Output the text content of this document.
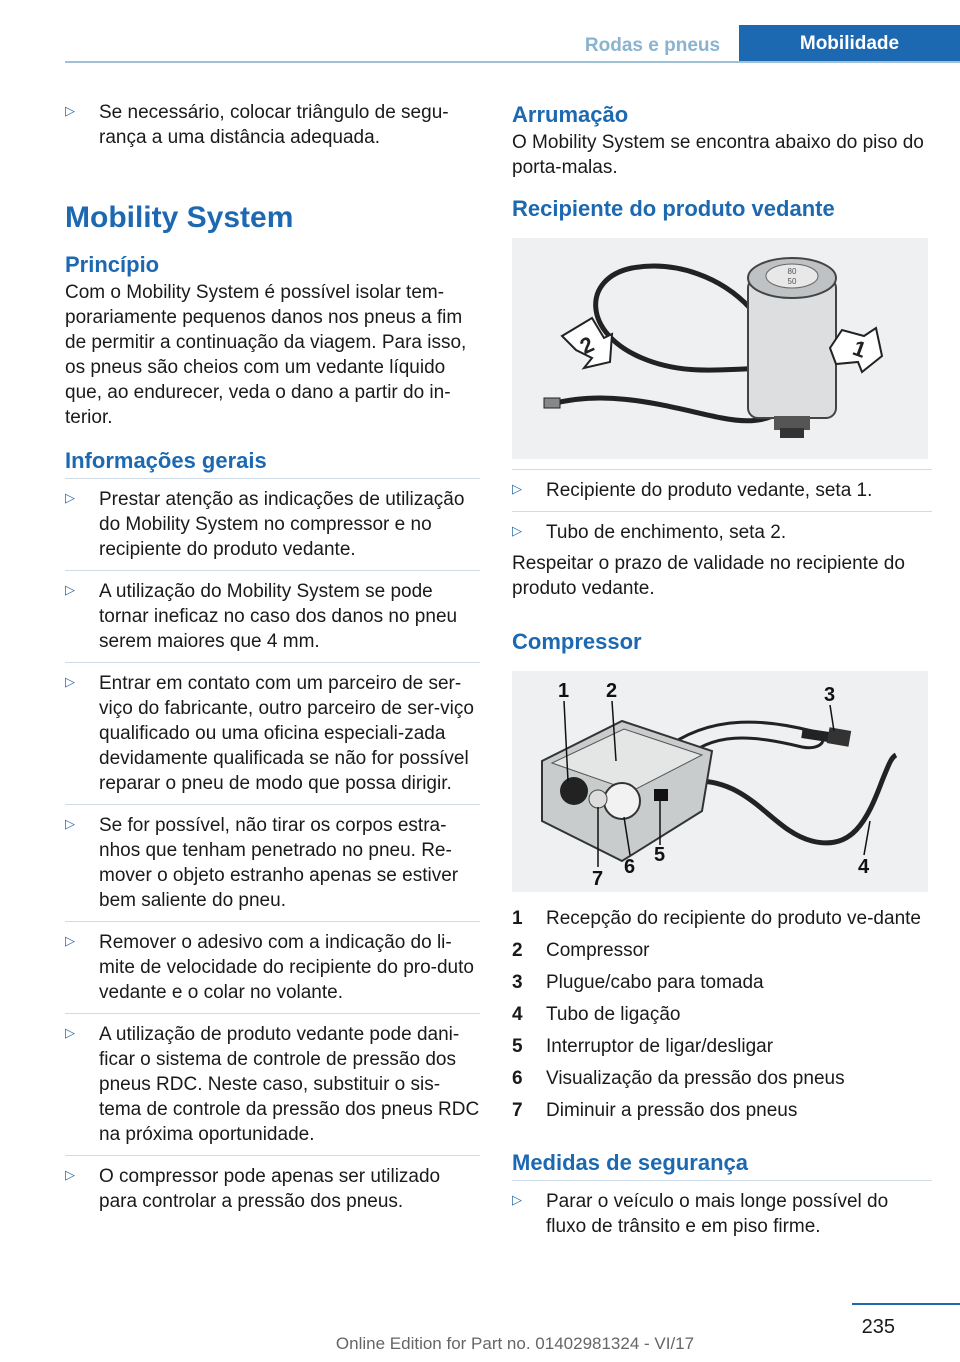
Rodas e pneus	Mobilidade
▷ Se necessário, colocar triângulo de segu-rança a uma distância adequada.
Mobility System
Princípio

Com o Mobility System é possível isolar tem-porariamente pequenos danos nos pneus a fim de permitir a continuação da viagem. Para isso, os pneus são cheios com um vedante líquido que, ao endurecer, veda o dano a partir do in-terior.

Informações gerais
▷ Prestar atenção as indicações de utilização do Mobility System no compressor e no recipiente do produto vedante.
▷ A utilização do Mobility System se pode tornar ineficaz no caso dos danos no pneu serem maiores que 4 mm.
▷ Entrar em contato com um parceiro de ser-viço do fabricante, outro parceiro de ser-viço qualificado ou uma oficina especiali-zada devidamente qualificada se não for possível reparar o pneu de modo que possa dirigir.
▷ Se for possível, não tirar os corpos estra-nhos que tenham penetrado no pneu. Re-mover o objeto estranho apenas se estiver bem saliente do pneu.
▷ Remover o adesivo com a indicação do li-mite de velocidade do recipiente do pro-duto vedante e o colar no volante.
▷ A utilização de produto vedante pode dani-ficar o sistema de controle de pressão dos pneus RDC. Neste caso, substituir o sis-tema de controle da pressão dos pneus RDC na próxima oportunidade.
▷ O compressor pode apenas ser utilizado para controlar a pressão dos pneus.
Arrumação

O Mobility System se encontra abaixo do piso do porta-malas.

Recipiente do produto vedante
80
50
2	1
▷ Recipiente do produto vedante, seta 1.
▷ Tubo de enchimento, seta 2.

Respeitar o prazo de validade no recipiente do produto vedante.

Compressor
1 2	3
4
5
6
7
1	Recepção do recipiente do produto ve-dante
2	Compressor
3	Plugue/cabo para tomada
4	Tubo de ligação
5	Interruptor de ligar/desligar
6	Visualização da pressão dos pneus
7	Diminuir a pressão dos pneus
Medidas de segurança
▷ Parar o veículo o mais longe possível do fluxo de trânsito e em piso firme.
235
Online Edition for Part no. 01402981324 - VI/17
